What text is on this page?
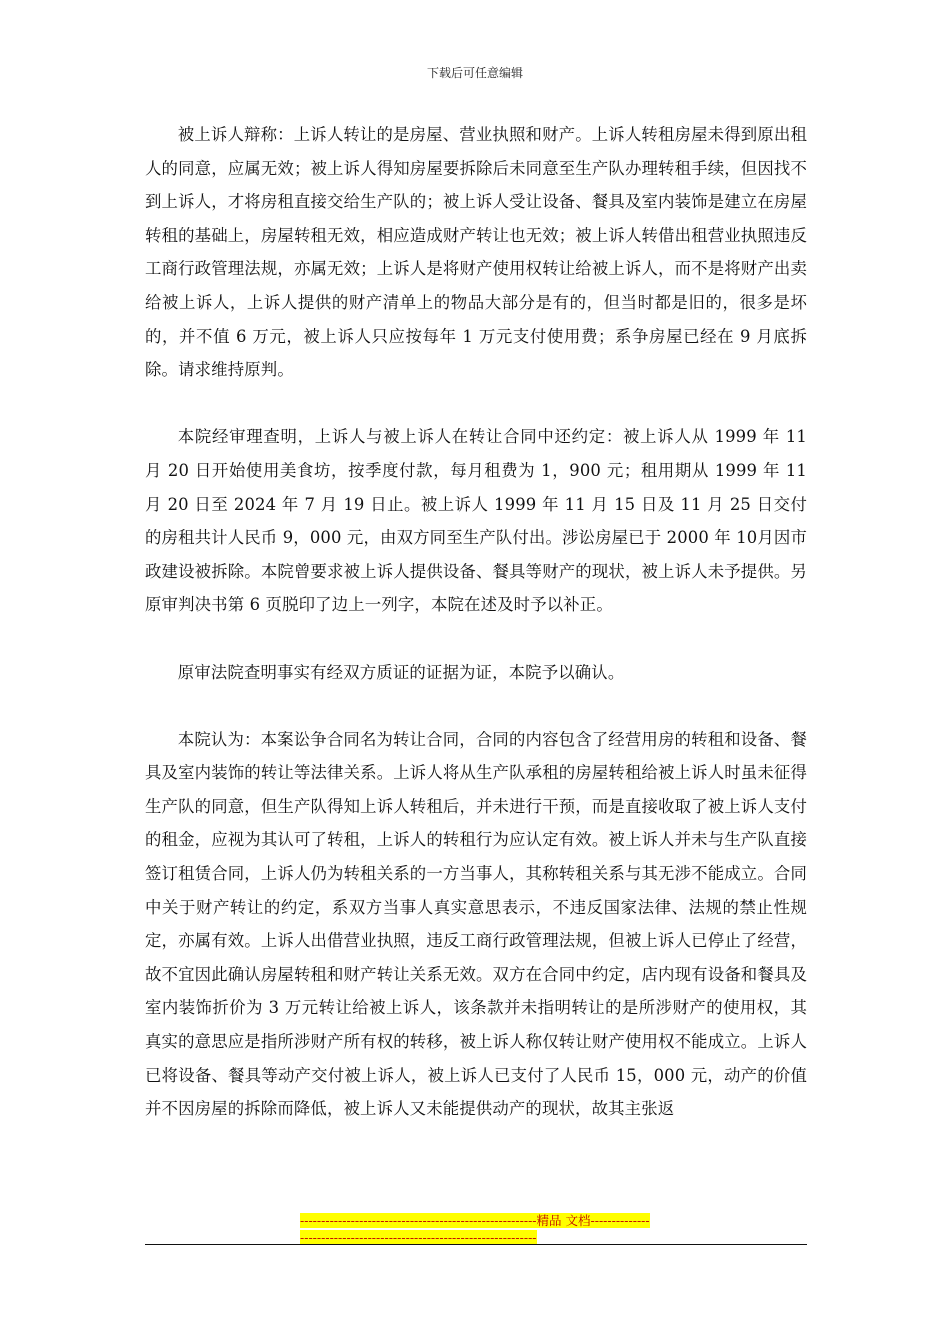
下载后可任意编辑

被上诉人辩称：上诉人转让的是房屋、营业执照和财产。上诉人转租房屋未得到原出租人的同意，应属无效；被上诉人得知房屋要拆除后未同意至生产队办理转租手续，但因找不到上诉人，才将房租直接交给生产队的；被上诉人受让设备、餐具及室内装饰是建立在房屋转租的基础上，房屋转租无效，相应造成财产转让也无效；被上诉人转借出租营业执照违反工商行政管理法规，亦属无效；上诉人是将财产使用权转让给被上诉人，而不是将财产出卖给被上诉人，上诉人提供的财产清单上的物品大部分是有的，但当时都是旧的，很多是坏的，并不值 6 万元，被上诉人只应按每年 1 万元支付使用费；系争房屋已经在 9 月底拆除。请求维持原判。

本院经审理查明，上诉人与被上诉人在转让合同中还约定：被上诉人从 1999 年 11 月 20 日开始使用美食坊，按季度付款，每月租费为 1，900 元；租用期从 1999 年 11 月 20 日至 2024 年 7 月 19 日止。被上诉人 1999 年 11 月 15 日及 11 月 25 日交付的房租共计人民币 9，000 元，由双方同至生产队付出。涉讼房屋已于 2000 年 10月因市政建设被拆除。本院曾要求被上诉人提供设备、餐具等财产的现状，被上诉人未予提供。另原审判决书第 6 页脱印了边上一列字，本院在述及时予以补正。

原审法院查明事实有经双方质证的证据为证，本院予以确认。

本院认为：本案讼争合同名为转让合同，合同的内容包含了经营用房的转租和设备、餐具及室内装饰的转让等法律关系。上诉人将从生产队承租的房屋转租给被上诉人时虽未征得生产队的同意，但生产队得知上诉人转租后，并未进行干预，而是直接收取了被上诉人支付的租金，应视为其认可了转租，上诉人的转租行为应认定有效。被上诉人并未与生产队直接签订租赁合同，上诉人仍为转租关系的一方当事人，其称转租关系与其无涉不能成立。合同中关于财产转让的约定，系双方当事人真实意思表示，不违反国家法律、法规的禁止性规定，亦属有效。上诉人出借营业执照，违反工商行政管理法规，但被上诉人已停止了经营，故不宜因此确认房屋转租和财产转让关系无效。双方在合同中约定，店内现有设备和餐具及室内装饰折价为 3 万元转让给被上诉人，该条款并未指明转让的是所涉财产的使用权，其真实的意思应是指所涉财产所有权的转移，被上诉人称仅转让财产使用权不能成立。上诉人已将设备、餐具等动产交付被上诉人，被上诉人已支付了人民币 15，000 元，动产的价值并不因房屋的拆除而降低，被上诉人又未能提供动产的现状，故其主张返

--------------------------------------------------------精品 文档----------------------------------------------------------------------
